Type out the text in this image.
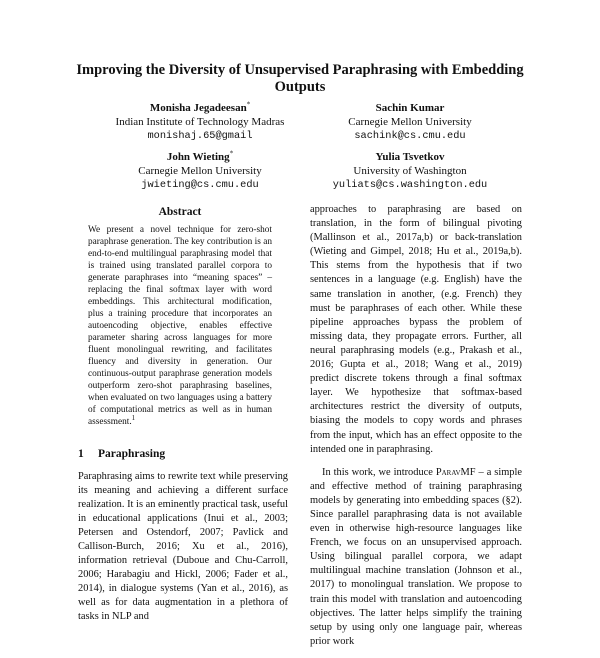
Improving the Diversity of Unsupervised Paraphrasing with Embedding Outputs
Monisha Jegadeesan*
Indian Institute of Technology Madras
monishaj.65@gmail
Sachin Kumar
Carnegie Mellon University
sachink@cs.cmu.edu
John Wieting*
Carnegie Mellon University
jwieting@cs.cmu.edu
Yulia Tsvetkov
University of Washington
yuliats@cs.washington.edu
Abstract
We present a novel technique for zero-shot paraphrase generation. The key contribution is an end-to-end multilingual paraphrasing model that is trained using translated parallel corpora to generate paraphrases into “meaning spaces” – replacing the final softmax layer with word embeddings. This architectural modification, plus a training procedure that incorporates an autoencoding objective, enables effective parameter sharing across languages for more fluent monolingual rewriting, and facilitates fluency and diversity in generation. Our continuous-output paraphrase generation models outperform zero-shot paraphrasing baselines, when evaluated on two languages using a battery of computational metrics as well as in human assessment.$^1$
1 Paraphrasing
Paraphrasing aims to rewrite text while preserving its meaning and achieving a different surface realization. It is an eminently practical task, useful in educational applications (Inui et al., 2003; Petersen and Ostendorf, 2007; Pavlick and Callison-Burch, 2016; Xu et al., 2016), information retrieval (Duboue and Chu-Carroll, 2006; Harabagiu and Hickl, 2006; Fader et al., 2014), in dialogue systems (Yan et al., 2016), as well as for data augmentation in a plethora of tasks in NLP and

approaches to paraphrasing are based on translation, in the form of bilingual pivoting (Mallinson et al., 2017a,b) or back-translation (Wieting and Gimpel, 2018; Hu et al., 2019a,b). This stems from the hypothesis that if two sentences in a language (e.g. English) have the same translation in another, (e.g. French) they must be paraphrases of each other. While these pipeline approaches bypass the problem of missing data, they propagate errors. Further, all neural paraphrasing models (e.g., Prakash et al., 2016; Gupta et al., 2018; Wang et al., 2019) predict discrete tokens through a final softmax layer. We hypothesize that softmax-based architectures restrict the diversity of outputs, biasing the models to copy words and phrases from the input, which has an effect opposite to the intended one in paraphrasing.

In this work, we introduce ParavMF – a simple and effective method of training paraphrasing models by generating into embedding spaces (§2). Since parallel paraphrasing data is not available even in otherwise high-resource languages like French, we focus on an unsupervised approach. Using bilingual parallel corpora, we adapt multilingual machine translation (Johnson et al., 2017) to monolingual translation. We propose to train this model with translation and autoencoding objectives. The latter helps simplify the training setup by using only one language pair, whereas prior work
